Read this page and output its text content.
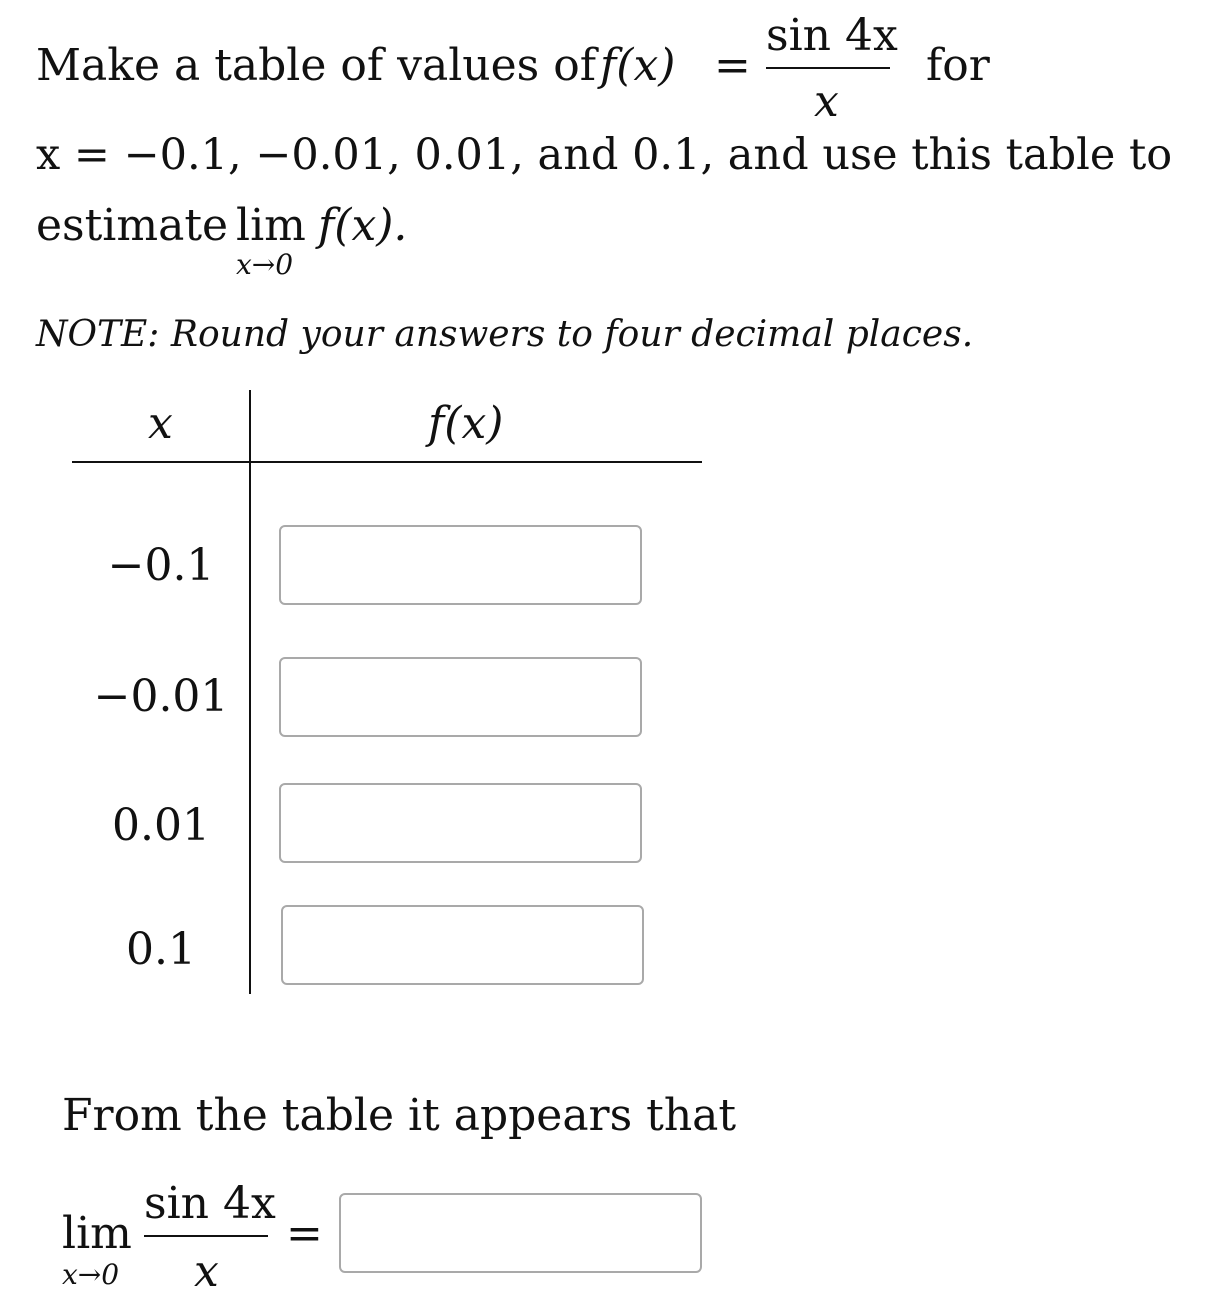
Make a table of values of f(x) =
sin 4x
x
for
x = −0.1, −0.01, 0.01, and 0.1, and use this table to
estimate lim
x→0
f(x).
NOTE: Round your answers to four decimal places.
x	f(x)
−0.1
−0.01
0.01
0.1
From the table it appears that
lim
x→0
sin 4x
x
=
